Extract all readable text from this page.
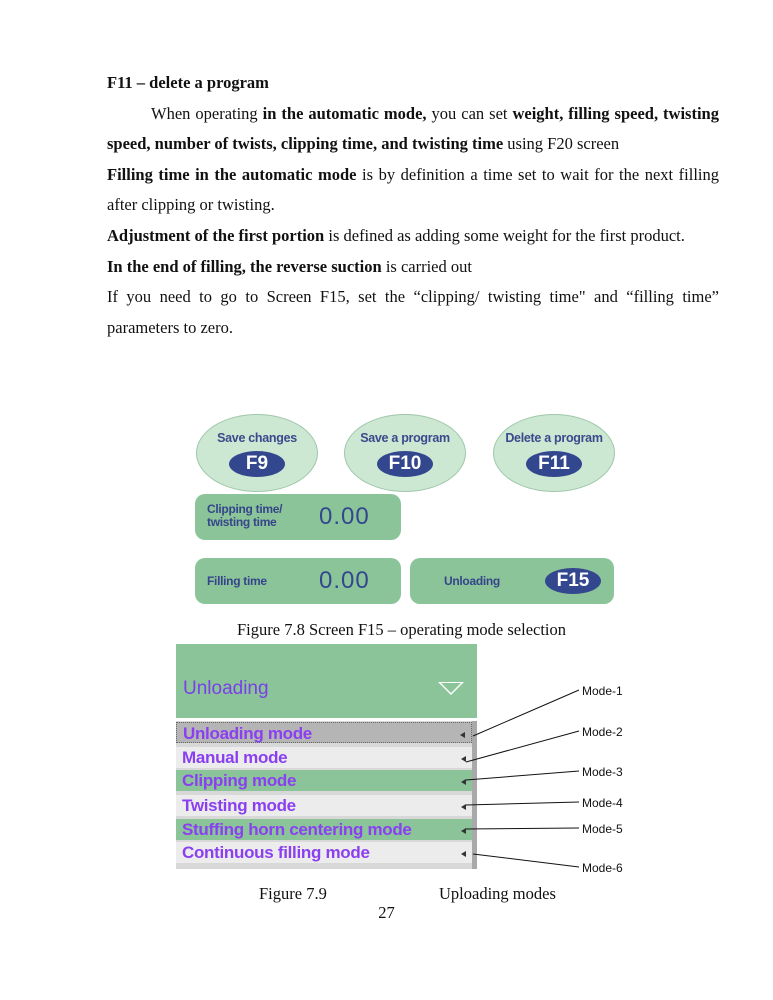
F11 – delete a program

When operating in the automatic mode, you can set weight, filling speed, twisting speed, number of twists, clipping time, and twisting time using F20 screen

Filling time in the automatic mode is by definition a time set to wait for the next filling after clipping or twisting.

Adjustment of the first portion is defined as adding some weight for the first product.

In the end of filling, the reverse suction is carried out

If you need to go to Screen F15, set the “clipping/ twisting time" and “filling time” parameters to zero.

Save changes
F9
Save a program
F10
Delete a program
F11
Clipping time/
twisting time 0.00
Filling time 0.00	Unloading	F15
Figure 7.8 Screen F15 – operating mode selection
Unloading
Unloading mode
Manual mode
Clipping mode
Twisting mode
Stuffing horn centering mode
Continuous filling mode
Mode-1
Mode-2
Mode-3
Mode-4
Mode-5
Mode-6
Figure 7.9	Uploading modes
27
